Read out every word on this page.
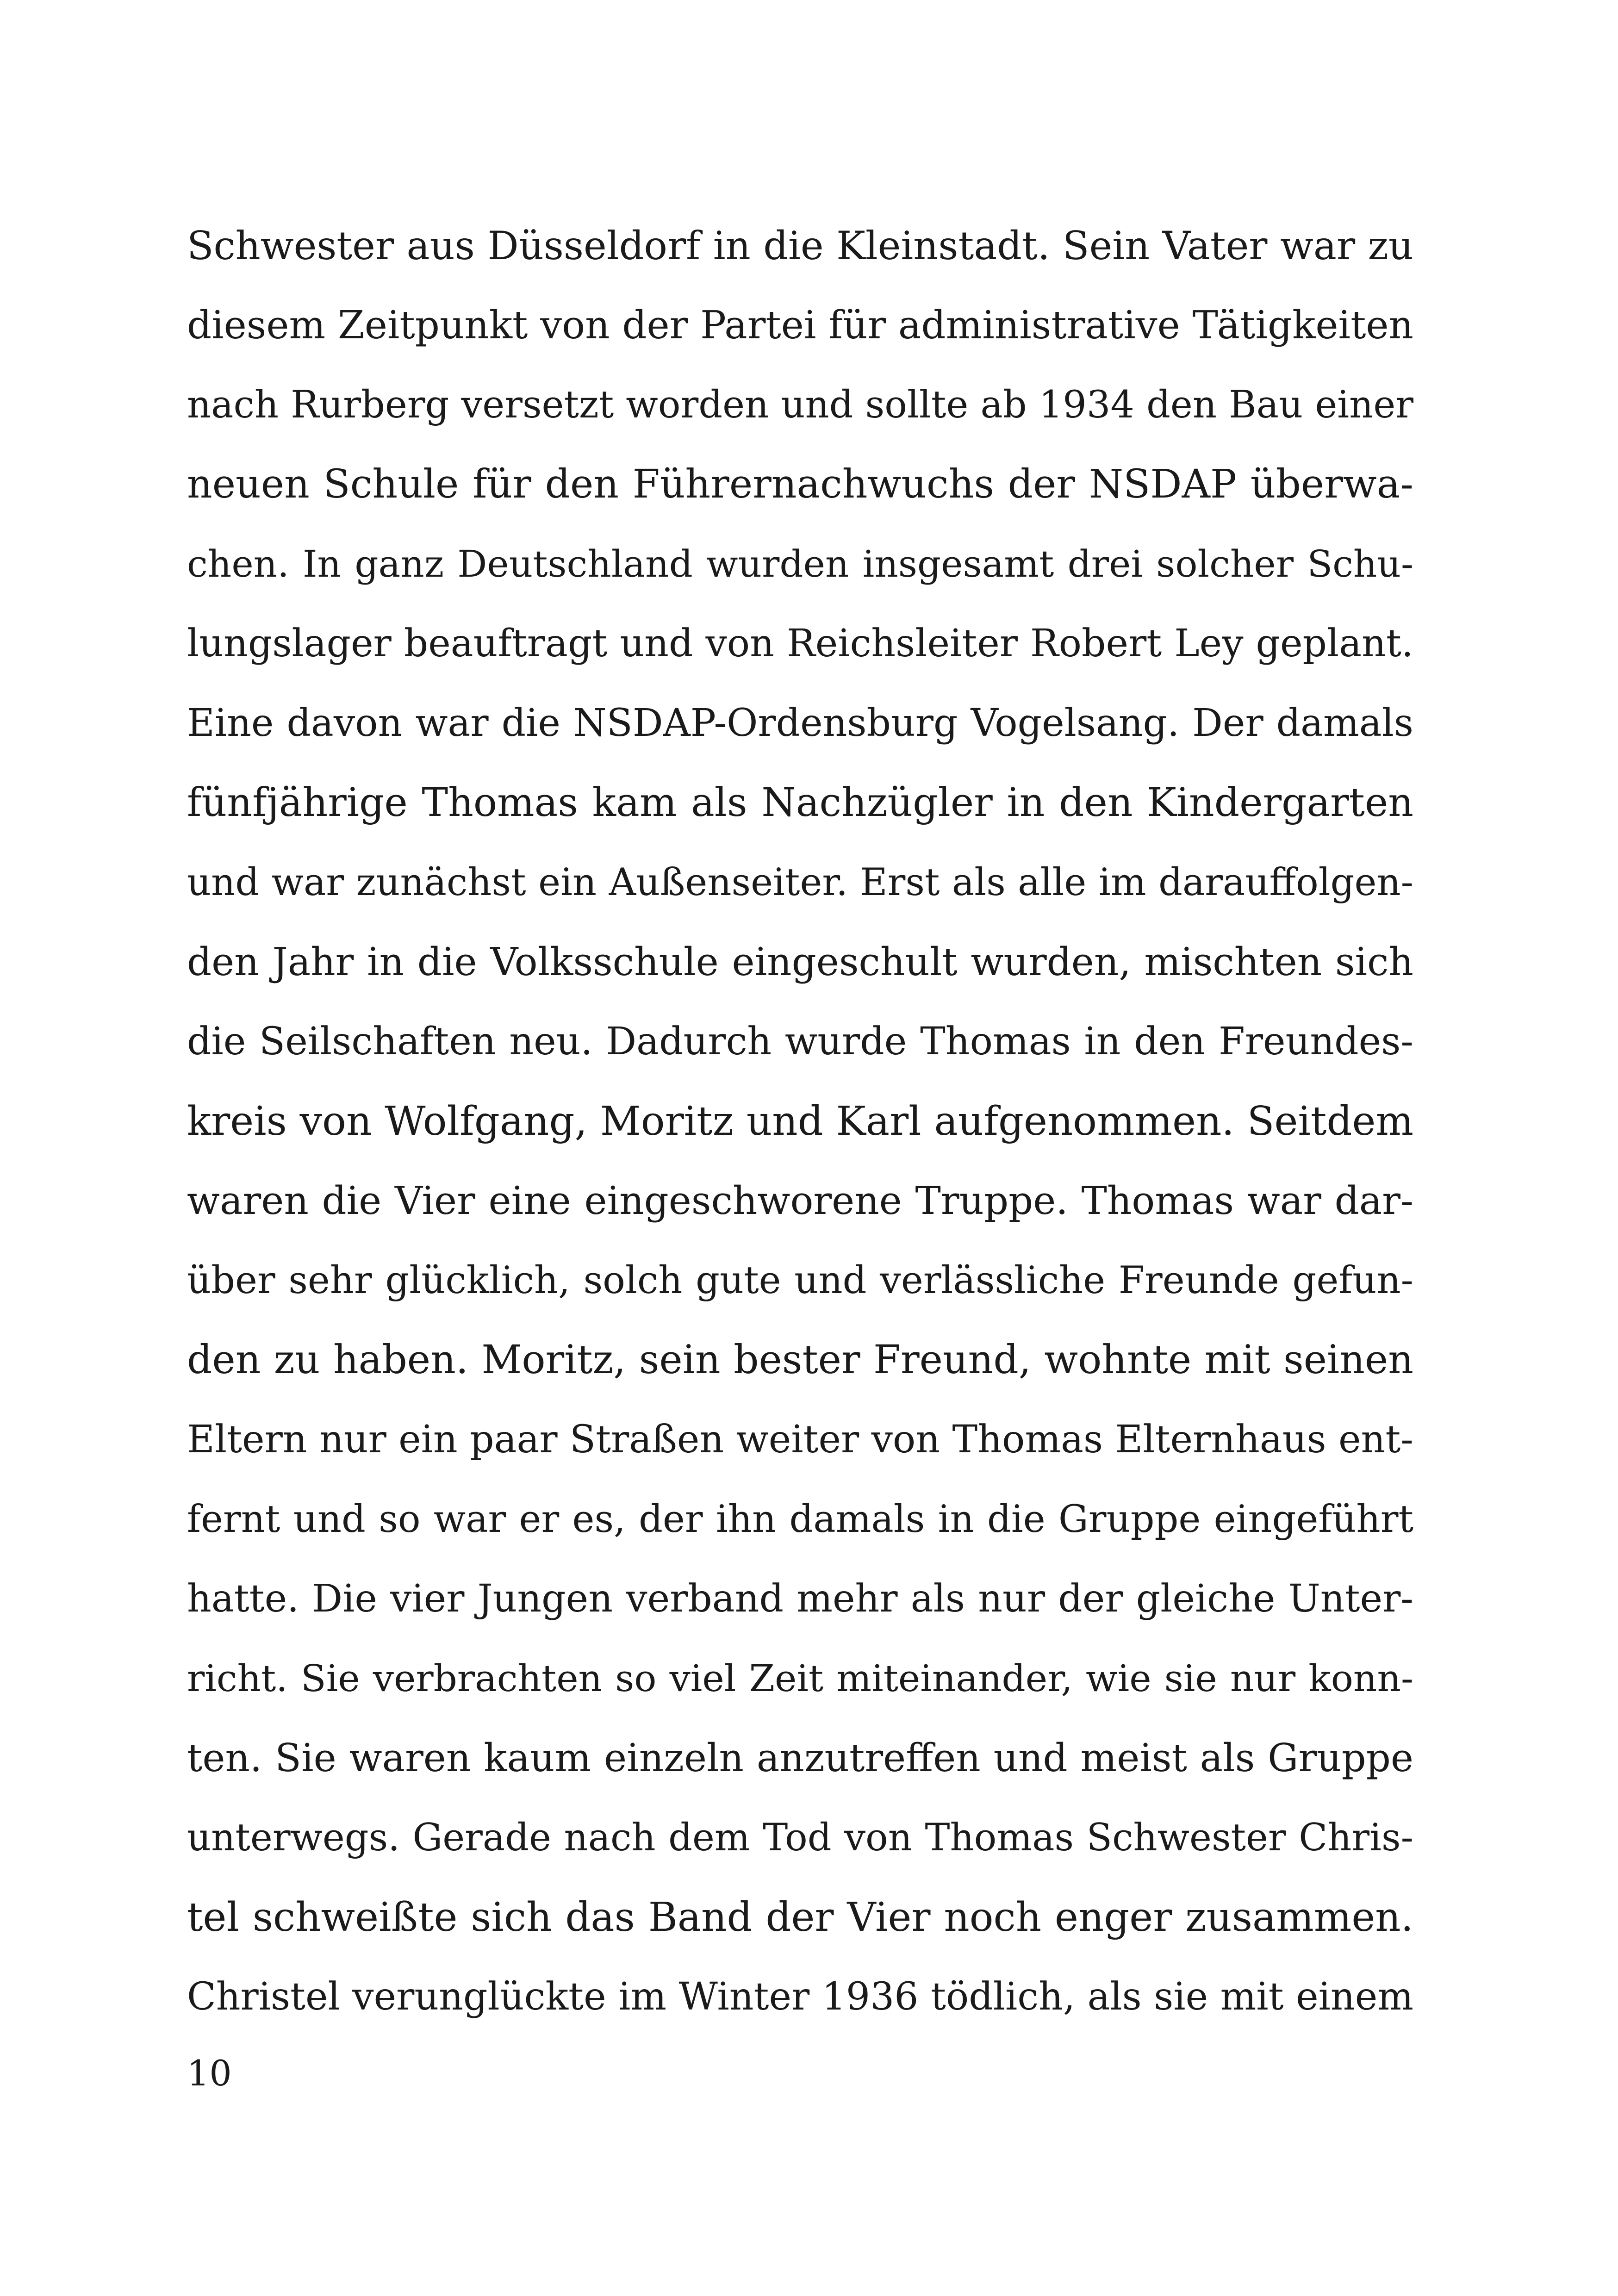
Schwester aus Düsseldorf in die Kleinstadt. Sein Vater war zu
diesem Zeitpunkt von der Partei für administrative Tätigkeiten
nach Rurberg versetzt worden und sollte ab 1934 den Bau einer
neuen Schule für den Führernachwuchs der NSDAP überwa-
chen. In ganz Deutschland wurden insgesamt drei solcher Schu-
lungslager beauftragt und von Reichsleiter Robert Ley geplant.
Eine davon war die NSDAP-Ordensburg Vogelsang. Der damals
fünfjährige Thomas kam als Nachzügler in den Kindergarten
und war zunächst ein Außenseiter. Erst als alle im darauffolgen-
den Jahr in die Volksschule eingeschult wurden, mischten sich
die Seilschaften neu. Dadurch wurde Thomas in den Freundes-
kreis von Wolfgang, Moritz und Karl aufgenommen. Seitdem
waren die Vier eine eingeschworene Truppe. Thomas war dar-
über sehr glücklich, solch gute und verlässliche Freunde gefun-
den zu haben. Moritz, sein bester Freund, wohnte mit seinen
Eltern nur ein paar Straßen weiter von Thomas Elternhaus ent-
fernt und so war er es, der ihn damals in die Gruppe eingeführt
hatte. Die vier Jungen verband mehr als nur der gleiche Unter-
richt. Sie verbrachten so viel Zeit miteinander, wie sie nur konn-
ten. Sie waren kaum einzeln anzutreffen und meist als Gruppe
unterwegs. Gerade nach dem Tod von Thomas Schwester Chris-
tel schweißte sich das Band der Vier noch enger zusammen.
Christel verunglückte im Winter 1936 tödlich, als sie mit einem
10
